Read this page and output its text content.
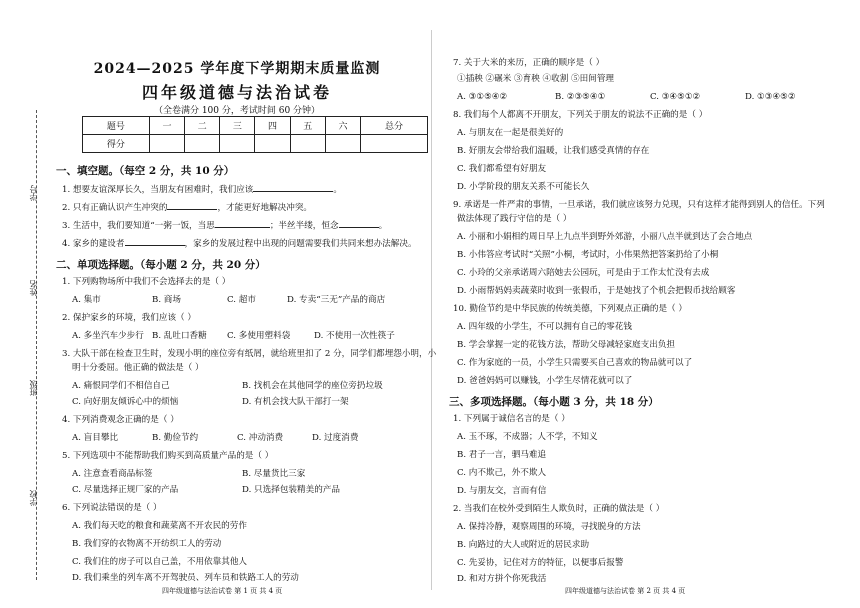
学号
姓名
班级
学校
2024—2025 学年度下学期期末质量监测
四年级道德与法治试卷
（全卷满分 100 分，考试时间 60 分钟）
题号	一	二	三	四	五	六	总分
得分							
一、填空题。（每空 2 分，共 10 分）
1. 想要友谊深厚长久，当朋友有困难时，我们应该	。
2. 只有正确认识产生冲突的	，才能更好地解决冲突。
3. 生活中，我们要知道“一粥一饭，当思	；半丝半缕，恒念	。
4. 家乡的建设者	，家乡的发展过程中出现的问题需要我们共同来想办法解决。
二、单项选择题。（每小题 2 分，共 20 分）
1. 下列购物场所中我们不会选择去的是（ ）
A. 集市	B. 商场	C. 超市	D. 专卖“三无”产品的商店
2. 保护家乡的环境，我们应该（ ）
A. 多坐汽车少步行 B. 乱吐口香糖 C. 多使用塑料袋	D. 不使用一次性筷子
3. 大队干部在检查卫生时，发现小明的座位旁有纸屑，就给班里扣了 2 分，同学们都埋怨小明，小
明十分委屈。他正确的做法是（ ）
A. 痛恨同学们不相信自己	B. 找机会在其他同学的座位旁扔垃圾
C. 向好朋友倾诉心中的烦恼	D. 有机会找大队干部打一架
4. 下列消费观念正确的是（ ）
A. 盲目攀比	B. 勤俭节约	C. 冲动消费	D. 过度消费
5. 下列选项中不能帮助我们购买到高质量产品的是（ ）
A. 注意查看商品标签	B. 尽量货比三家
C. 尽量选择正规厂家的产品	D. 只选择包装精美的产品
6. 下列说法错误的是（ ）
A. 我们每天吃的粮食和蔬菜离不开农民的劳作
B. 我们穿的衣物离不开纺织工人的劳动
C. 我们住的房子可以自己盖，不用依靠其他人
D. 我们乘坐的列车离不开驾驶员、列车员和铁路工人的劳动
四年级道德与法治试卷 第 1 页 共 4 页
7. 关于大米的来历，正确的顺序是（ ）
①插秧 ②碾米 ③育秧 ④收割 ⑤田间管理
A. ③①⑤④②	B. ②③⑤④①	C. ③④⑤①②	D. ①③④⑤②
8. 我们每个人都离不开朋友，下列关于朋友的说法不正确的是（ ）
A. 与朋友在一起是很美好的
B. 好朋友会带给我们温暖，让我们感受真情的存在
C. 我们都希望有好朋友
D. 小学阶段的朋友关系不可能长久
9. 承诺是一件严肃的事情，一旦承诺，我们就应该努力兑现，只有这样才能得到别人的信任。下列
做法体现了践行守信的是（ ）
A. 小丽和小娟相约周日早上九点半到野外郊游，小丽八点半就到达了会合地点
B. 小伟答应考试时“关照”小桐，考试时，小伟果然把答案扔给了小桐
C. 小玲的父亲承诺周六陪她去公园玩，可是由于工作太忙没有去成
D. 小雨帮妈妈卖蔬菜时收到一张假币，于是她找了个机会把假币找给顾客
10. 勤俭节约是中华民族的传统美德，下列观点正确的是（ ）
A. 四年级的小学生，不可以拥有自己的零花钱
B. 学会掌握一定的花钱方法，帮助父母减轻家庭支出负担
C. 作为家庭的一员，小学生只需要买自己喜欢的物品就可以了
D. 爸爸妈妈可以赚钱，小学生尽情花就可以了
三、多项选择题。（每小题 3 分，共 18 分）
1. 下列属于诚信名言的是（ ）
A. 玉不琢，不成器；人不学，不知义
B. 君子一言，驷马难追
C. 内不欺己，外不欺人
D. 与朋友交，言而有信
2. 当我们在校外受到陌生人欺负时，正确的做法是（ ）
A. 保持冷静，观察周围的环境，寻找脱身的方法
B. 向路过的大人或附近的居民求助
C. 先妥协，记住对方的特征，以便事后报警
D. 和对方拼个你死我活
四年级道德与法治试卷 第 2 页 共 4 页
